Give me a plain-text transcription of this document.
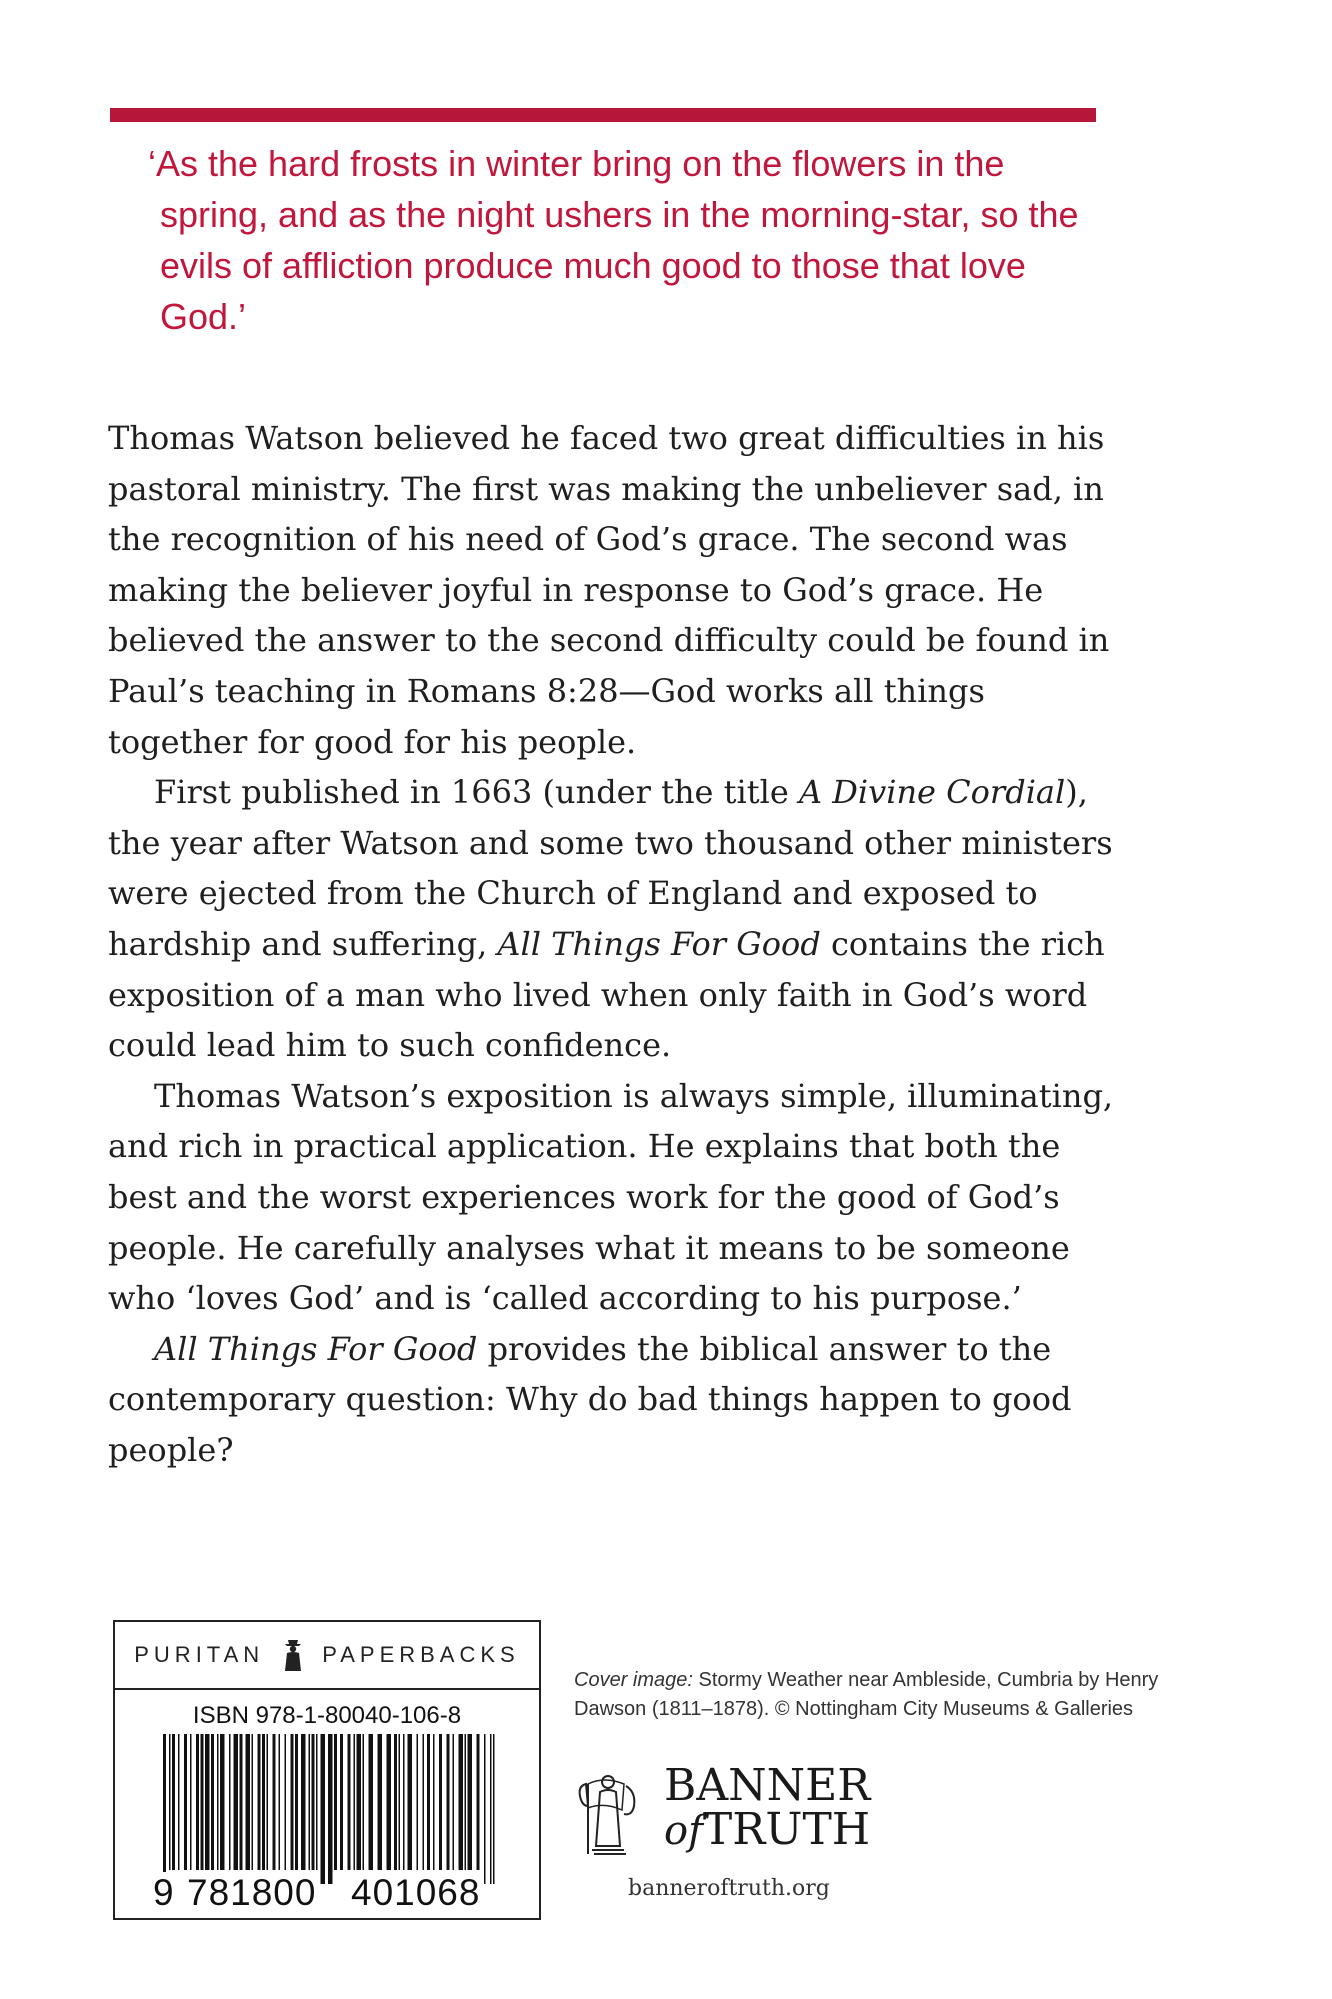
‘As the hard frosts in winter bring on the flowers in the spring, and as the night ushers in the morning-star, so the evils of affliction produce much good to those that love God.’

Thomas Watson believed he faced two great difficulties in his pastoral ministry. The first was making the unbeliever sad, in the recognition of his need of God’s grace. The second was making the believer joyful in response to God’s grace. He believed the answer to the second difficulty could be found in Paul’s teaching in Romans 8:28—God works all things together for good for his people.

First published in 1663 (under the title A Divine Cordial), the year after Watson and some two thousand other ministers were ejected from the Church of England and exposed to hardship and suffering, All Things For Good contains the rich exposition of a man who lived when only faith in God’s word could lead him to such confidence.

Thomas Watson’s exposition is always simple, illuminating, and rich in practical application. He explains that both the best and the worst experiences work for the good of God’s people. He carefully analyses what it means to be someone who ‘loves God’ and is ‘called according to his purpose.’

All Things For Good provides the biblical answer to the contemporary question: Why do bad things happen to good people?

PURITAN	PAPERBACKS
ISBN 978-1-80040-106-8
9 781800 401068
Cover image: Stormy Weather near Ambleside, Cumbria by Henry Dawson (1811–1878). © Nottingham City Museums & Galleries
BANNER
ofTRUTH
banneroftruth.org
